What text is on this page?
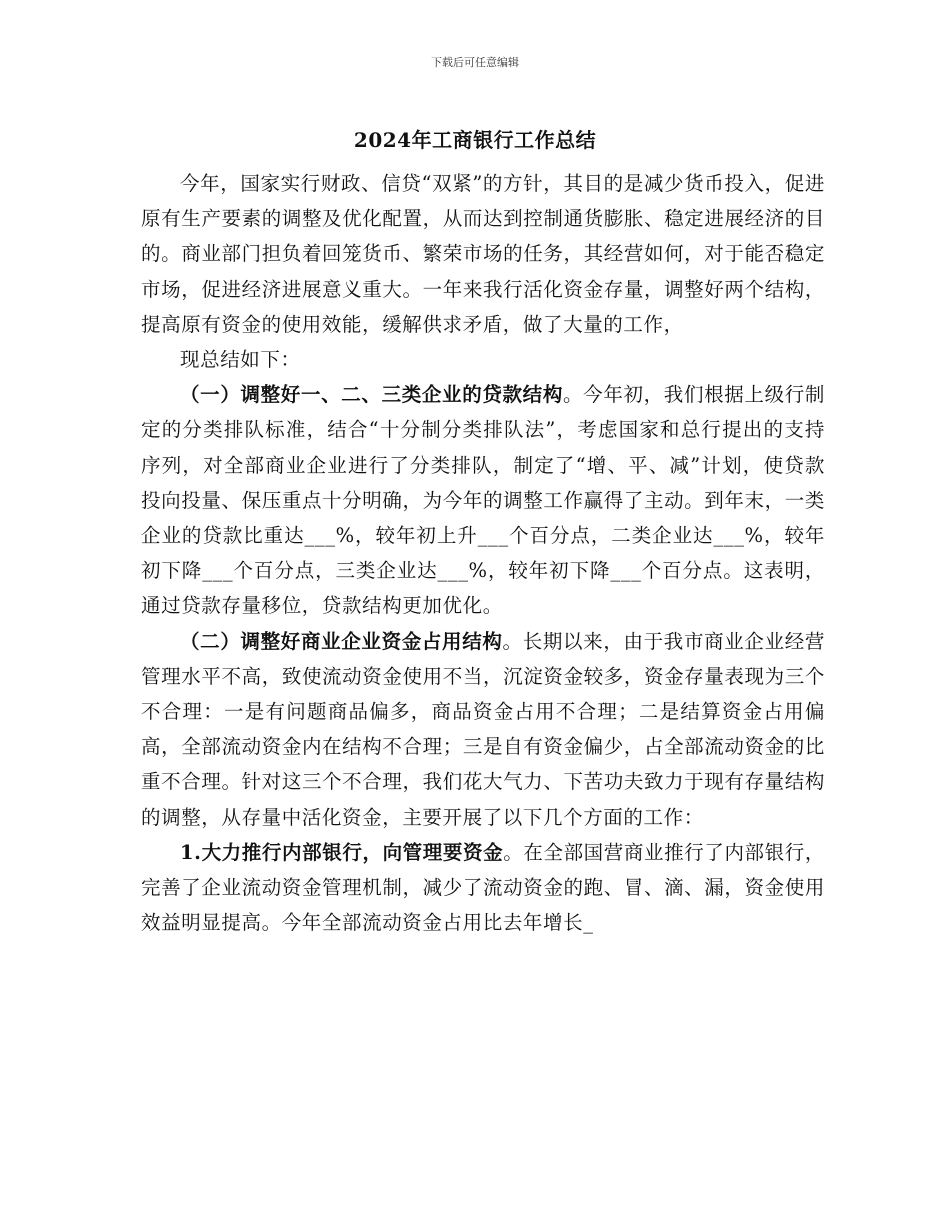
下载后可任意编辑
2024年工商银行工作总结

今年，国家实行财政、信贷“双紧”的方针，其目的是减少货币投入，促进原有生产要素的调整及优化配置，从而达到控制通货膨胀、稳定进展经济的目的。商业部门担负着回笼货币、繁荣市场的任务，其经营如何，对于能否稳定市场，促进经济进展意义重大。一年来我行活化资金存量，调整好两个结构，提高原有资金的使用效能，缓解供求矛盾，做了大量的工作，

现总结如下：

（一）调整好一、二、三类企业的贷款结构。今年初，我们根据上级行制定的分类排队标准，结合“十分制分类排队法”，考虑国家和总行提出的支持序列，对全部商业企业进行了分类排队，制定了“增、平、减”计划，使贷款投向投量、保压重点十分明确，为今年的调整工作赢得了主动。到年末，一类企业的贷款比重达___%，较年初上升___个百分点，二类企业达___%，较年初下降___个百分点，三类企业达___%，较年初下降___个百分点。这表明，通过贷款存量移位，贷款结构更加优化。

（二）调整好商业企业资金占用结构。长期以来，由于我市商业企业经营管理水平不高，致使流动资金使用不当，沉淀资金较多，资金存量表现为三个不合理：一是有问题商品偏多，商品资金占用不合理；二是结算资金占用偏高，全部流动资金内在结构不合理；三是自有资金偏少，占全部流动资金的比重不合理。针对这三个不合理，我们花大气力、下苦功夫致力于现有存量结构的调整，从存量中活化资金，主要开展了以下几个方面的工作：

1.大力推行内部银行，向管理要资金。在全部国营商业推行了内部银行，完善了企业流动资金管理机制，减少了流动资金的跑、冒、滴、漏，资金使用效益明显提高。今年全部流动资金占用比去年增长_
